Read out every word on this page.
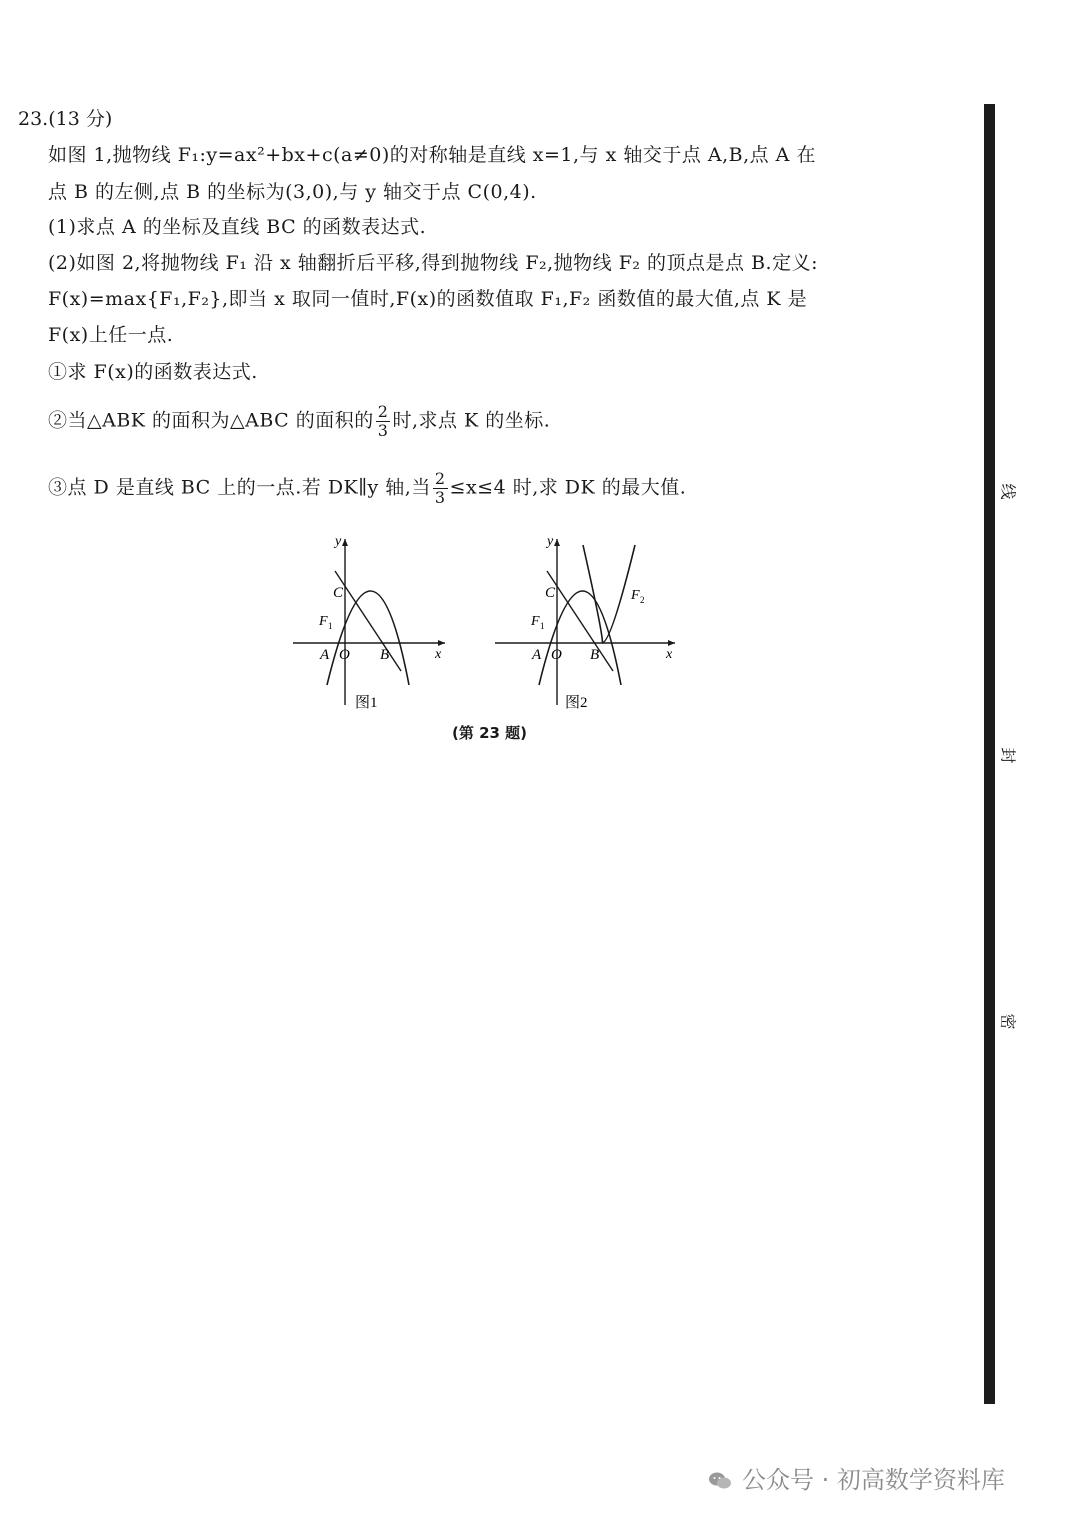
23.(13 分)
如图 1,抛物线 F₁:y=ax²+bx+c(a≠0)的对称轴是直线 x=1,与 x 轴交于点 A,B,点 A 在
点 B 的左侧,点 B 的坐标为(3,0),与 y 轴交于点 C(0,4).
(1)求点 A 的坐标及直线 BC 的函数表达式.
(2)如图 2,将抛物线 F₁ 沿 x 轴翻折后平移,得到抛物线 F₂,抛物线 F₂ 的顶点是点 B.定义:
F(x)=max{F₁,F₂},即当 x 取同一值时,F(x)的函数值取 F₁,F₂ 函数值的最大值,点 K 是
F(x)上任一点.
①求 F(x)的函数表达式.
②当△ABK 的面积为△ABC 的面积的 $\frac{2}{3}$ 时,求点 K 的坐标.
③点 D 是直线 BC 上的一点.若 DK∥y 轴,当 $\frac{2}{3} \le x\le 4$ 时,求 DK 的最大值.
y
x
C
F 1
A O B
图1
y
x
C
F 1
F 2
A O B
图2
(第 23 题)
线
封
密
公众号 · 初高数学资料库
